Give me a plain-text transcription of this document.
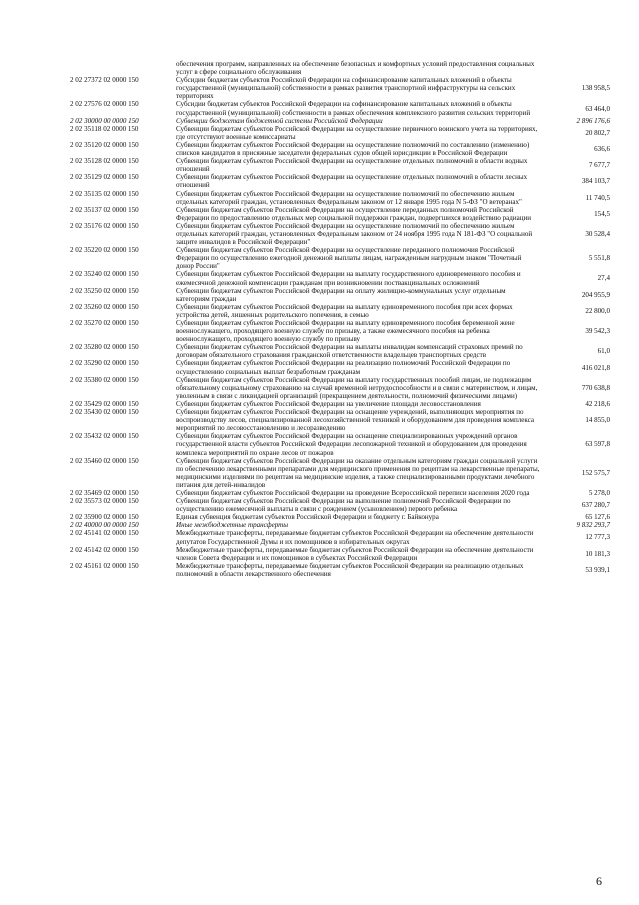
	обеспечения программ, направленных на обеспечение безопасных и комфортных условий предоставления социальных услуг в сфере социального обслуживания	
2 02 27372 02 0000 150	Субсидии бюджетам субъектов Российской Федерации на софинансирование капитальных вложений в объекты государственной (муниципальной) собственности в рамках развития транспортной инфраструктуры на сельских территориях	138 958,5
2 02 27576 02 0000 150	Субсидии бюджетам субъектов Российской Федерации на софинансирование капитальных вложений в объекты государственной (муниципальной) собственности в рамках обеспечения комплексного развития сельских территорий	63 464,0
2 02 30000 00 0000 150	Субвенции бюджетам бюджетной системы Российской Федерации	2 896 176,6
2 02 35118 02 0000 150	Субвенции бюджетам субъектов Российской Федерации на осуществление первичного воинского учета на территориях, где отсутствуют военные комиссариаты	20 802,7
2 02 35120 02 0000 150	Субвенции бюджетам субъектов Российской Федерации на осуществление полномочий по составлению (изменению) списков кандидатов в присяжные заседатели федеральных судов общей юрисдикции в Российской Федерации	636,6
2 02 35128 02 0000 150	Субвенции бюджетам субъектов Российской Федерации на осуществление отдельных полномочий в области водных отношений	7 677,7
2 02 35129 02 0000 150	Субвенции бюджетам субъектов Российской Федерации на осуществление отдельных полномочий в области лесных отношений	384 103,7
2 02 35135 02 0000 150	Субвенции бюджетам субъектов Российской Федерации на осуществление полномочий по обеспечению жильем отдельных категорий граждан, установленных Федеральным законом от 12 января 1995 года N 5-ФЗ "О ветеранах"	11 740,5
2 02 35137 02 0000 150	Субвенции бюджетам субъектов Российской Федерации на осуществление переданных полномочий Российской Федерации по предоставлению отдельных мер социальной поддержки граждан, подвергшихся воздействию радиации	154,5
2 02 35176 02 0000 150	Субвенции бюджетам субъектов Российской Федерации на осуществление полномочий по обеспечению жильем отдельных категорий граждан, установленных Федеральным законом от 24 ноября 1995 года N 181-ФЗ "О социальной защите инвалидов в Российской Федерации"	30 528,4
2 02 35220 02 0000 150	Субвенции бюджетам субъектов Российской Федерации на осуществление переданного полномочия Российской Федерации по осуществлению ежегодной денежной выплаты лицам, награжденным нагрудным знаком "Почетный донор России"	5 551,8
2 02 35240 02 0000 150	Субвенции бюджетам субъектов Российской Федерации на выплату государственного единовременного пособия и ежемесячной денежной компенсации гражданам при возникновении поствакцинальных осложнений	27,4
2 02 35250 02 0000 150	Субвенции бюджетам субъектов Российской Федерации на оплату жилищно-коммунальных услуг отдельным категориям граждан	204 955,9
2 02 35260 02 0000 150	Субвенции бюджетам субъектов Российской Федерации на выплату единовременного пособия при всех формах устройства детей, лишенных родительского попечения, в семью	22 800,0
2 02 35270 02 0000 150	Субвенции бюджетам субъектов Российской Федерации на выплату единовременного пособия беременной жене военнослужащего, проходящего военную службу по призыву, а также ежемесячного пособия на ребенка военнослужащего, проходящего военную службу по призыву	39 542,3
2 02 35280 02 0000 150	Субвенции бюджетам субъектов Российской Федерации на выплаты инвалидам компенсаций страховых премий по договорам обязательного страхования гражданской ответственности владельцев транспортных средств	61,0
2 02 35290 02 0000 150	Субвенции бюджетам субъектов Российской Федерации на реализацию полномочий Российской Федерации по осуществлению социальных выплат безработным гражданам	416 021,8
2 02 35380 02 0000 150	Субвенции бюджетам субъектов Российской Федерации на выплату государственных пособий лицам, не подлежащим обязательному социальному страхованию на случай временной нетрудоспособности и в связи с материнством, и лицам, уволенным в связи с ликвидацией организаций (прекращением деятельности, полномочий физическими лицами)	770 638,8
2 02 35429 02 0000 150	Субвенции бюджетам субъектов Российской Федерации на увеличение площади лесовосстановления	42 218,6
2 02 35430 02 0000 150	Субвенции бюджетам субъектов Российской Федерации на оснащение учреждений, выполняющих мероприятия по воспроизводству лесов, специализированной лесохозяйственной техникой и оборудованием для проведения комплекса мероприятий по лесовосстановлению и лесоразведению	14 855,0
2 02 35432 02 0000 150	Субвенции бюджетам субъектов Российской Федерации на оснащение специализированных учреждений органов государственной власти субъектов Российской Федерации лесопожарной техникой и оборудованием для проведения комплекса мероприятий по охране лесов от пожаров	63 597,8
2 02 35460 02 0000 150	Субвенции бюджетам субъектов Российской Федерации на оказание отдельным категориям граждан социальной услуги по обеспечению лекарственными препаратами для медицинского применения по рецептам на лекарственные препараты, медицинскими изделиями по рецептам на медицинские изделия, а также специализированными продуктами лечебного питания для детей-инвалидов	152 575,7
2 02 35469 02 0000 150	Субвенции бюджетам субъектов Российской Федерации на проведение Всероссийской переписи населения 2020 года	5 278,0
2 02 35573 02 0000 150	Субвенции бюджетам субъектов Российской Федерации на выполнение полномочий Российской Федерации по осуществлению ежемесячной выплаты в связи с рождением (усыновлением) первого ребенка	637 280,7
2 02 35900 02 0000 150	Единая субвенция бюджетам субъектов Российской Федерации и бюджету г. Байконура	65 127,6
2 02 40000 00 0000 150	Иные межбюджетные трансферты	9 832 293,7
2 02 45141 02 0000 150	Межбюджетные трансферты, передаваемые бюджетам субъектов Российской Федерации на обеспечение деятельности депутатов Государственной Думы и их помощников в избирательных округах	12 777,3
2 02 45142 02 0000 150	Межбюджетные трансферты, передаваемые бюджетам субъектов Российской Федерации на обеспечение деятельности членов Совета Федерации и их помощников в субъектах Российской Федерации	10 181,3
2 02 45161 02 0000 150	Межбюджетные трансферты, передаваемые бюджетам субъектов Российской Федерации на реализацию отдельных полномочий в области лекарственного обеспечения	53 939,1
6
